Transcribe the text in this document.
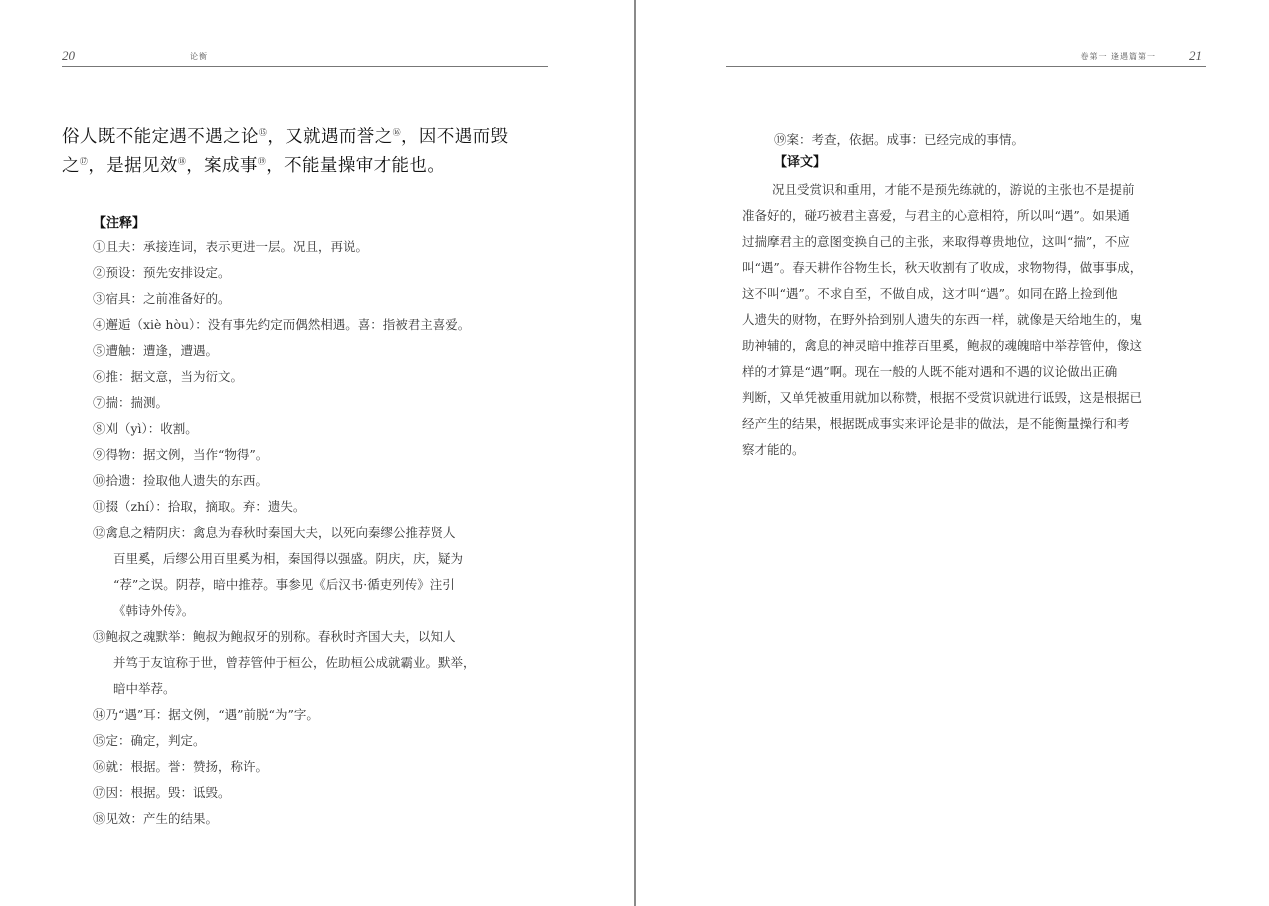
20	论衡
俗人既不能定遇不遇之论⑮，又就遇而誉之⑯，因不遇而毁
之⑰，是据见效⑱，案成事⑲，不能量操审才能也。
【注释】
①且夫：承接连词，表示更进一层。况且，再说。
②预设：预先安排设定。
③宿具：之前准备好的。
④邂逅（xiè hòu）：没有事先约定而偶然相遇。喜：指被君主喜爱。
⑤遭触：遭逢，遭遇。
⑥推：据文意，当为衍文。
⑦揣：揣测。
⑧刈（yì）：收割。
⑨得物：据文例，当作“物得”。
⑩拾遗：捡取他人遗失的东西。
⑪掇（zhí）：拾取，摘取。弃：遗失。
⑫禽息之精阴庆：禽息为春秋时秦国大夫，以死向秦缪公推荐贤人
百里奚，后缪公用百里奚为相，秦国得以强盛。阴庆，庆，疑为
“荐”之误。阴荐，暗中推荐。事参见《后汉书·循吏列传》注引
《韩诗外传》。
⑬鲍叔之魂默举：鲍叔为鲍叔牙的别称。春秋时齐国大夫，以知人
并笃于友谊称于世，曾荐管仲于桓公，佐助桓公成就霸业。默举，
暗中举荐。
⑭乃“遇”耳：据文例，“遇”前脱“为”字。
⑮定：确定，判定。
⑯就：根据。誉：赞扬，称许。
⑰因：根据。毁：诋毁。
⑱见效：产生的结果。
卷第一 逢遇篇第一	21
⑲案：考查，依据。成事：已经完成的事情。
【译文】
况且受赏识和重用，才能不是预先练就的，游说的主张也不是提前
准备好的，碰巧被君主喜爱，与君主的心意相符，所以叫“遇”。如果通
过揣摩君主的意图变换自己的主张，来取得尊贵地位，这叫“揣”，不应
叫“遇”。春天耕作谷物生长，秋天收割有了收成，求物物得，做事事成，
这不叫“遇”。不求自至，不做自成，这才叫“遇”。如同在路上捡到他
人遗失的财物，在野外拾到别人遗失的东西一样，就像是天给地生的，鬼
助神辅的，禽息的神灵暗中推荐百里奚，鲍叔的魂魄暗中举荐管仲，像这
样的才算是“遇”啊。现在一般的人既不能对遇和不遇的议论做出正确
判断，又单凭被重用就加以称赞，根据不受赏识就进行诋毁，这是根据已
经产生的结果，根据既成事实来评论是非的做法，是不能衡量操行和考
察才能的。
